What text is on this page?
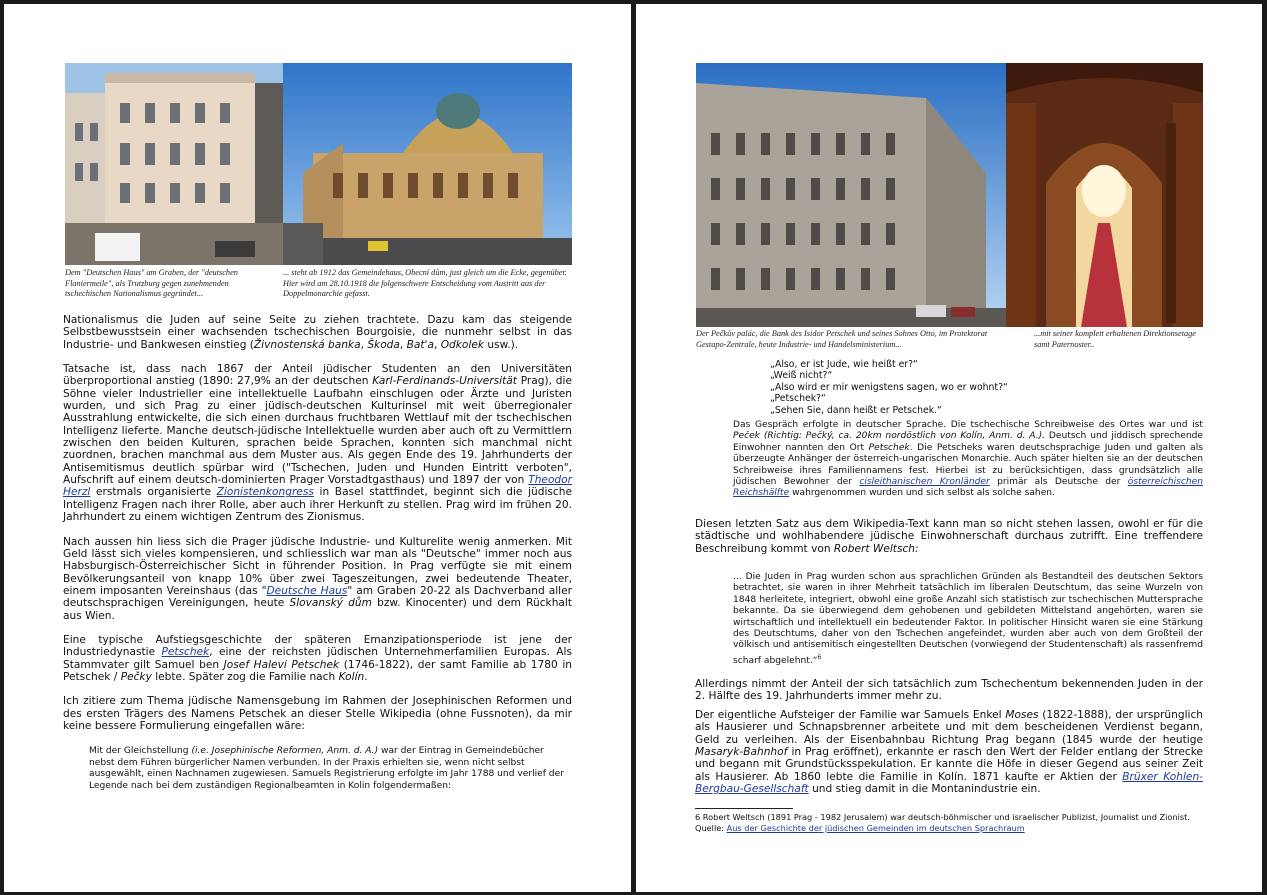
Dem "Deutschen Haus" am Graben, der "deutschen Flaniermeile", als Trutzburg gegen zunehmenden tschechischen Nationalismus gegründet...

... steht ab 1912 das Gemeindehaus, Obecní dům, just gleich um die Ecke, gegenüber. Hier wird am 28.10.1918 die folgenschwere Entscheidung vom Austritt aus der Doppelmonarchie gefasst.

Nationalismus die Juden auf seine Seite zu ziehen trachtete. Dazu kam das steigende Selbstbewusstsein einer wachsenden tschechischen Bourgoisie, die nunmehr selbst in das Industrie- und Bankwesen einstieg (Živnostenská banka, Škoda, Bat'a, Odkolek usw.).

Tatsache ist, dass nach 1867 der Anteil jüdischer Studenten an den Universitäten überproportional anstieg (1890: 27,9% an der deutschen Karl-Ferdinands-Universität Prag), die Söhne vieler Industrieller eine intellektuelle Laufbahn einschlugen oder Ärzte und Juristen wurden, und sich Prag zu einer jüdisch-deutschen Kulturinsel mit weit überregionaler Ausstrahlung entwickelte, die sich einen durchaus fruchtbaren Wettlauf mit der tschechischen Intelligenz lieferte. Manche deutsch-jüdische Intellektuelle wurden aber auch oft zu Vermittlern zwischen den beiden Kulturen, sprachen beide Sprachen, konnten sich manchmal nicht zuordnen, brachen manchmal aus dem Muster aus. Als gegen Ende des 19. Jahrhunderts der Antisemitismus deutlich spürbar wird ("Tschechen, Juden und Hunden Eintritt verboten", Aufschrift auf einem deutsch-dominierten Prager Vorstadtgasthaus) und 1897 der von Theodor Herzl erstmals organisierte Zionistenkongress in Basel stattfindet, beginnt sich die jüdische Intelligenz Fragen nach ihrer Rolle, aber auch ihrer Herkunft zu stellen. Prag wird im frühen 20. Jahrhundert zu einem wichtigen Zentrum des Zionismus.

Nach aussen hin liess sich die Prager jüdische Industrie- und Kulturelite wenig anmerken. Mit Geld lässt sich vieles kompensieren, und schliesslich war man als "Deutsche" immer noch aus Habsburgisch-Österreichischer Sicht in führender Position. In Prag verfügte sie mit einem Bevölkerungsanteil von knapp 10% über zwei Tageszeitungen, zwei bedeutende Theater, einem imposanten Vereinshaus (das "Deutsche Haus" am Graben 20-22 als Dachverband aller deutschsprachigen Vereinigungen, heute Slovanský dům bzw. Kinocenter) und dem Rückhalt aus Wien.

Eine typische Aufstiegsgeschichte der späteren Emanzipationsperiode ist jene der Industriedynastie Petschek, eine der reichsten jüdischen Unternehmerfamilien Europas. Als Stammvater gilt Samuel ben Josef Halevi Petschek (1746-1822), der samt Familie ab 1780 in Petschek / Pečky lebte. Später zog die Familie nach Kolín.

Ich zitiere zum Thema jüdische Namensgebung im Rahmen der Josephinischen Reformen und des ersten Trägers des Namens Petschek an dieser Stelle Wikipedia (ohne Fussnoten), da mir keine bessere Formulierung eingefallen wäre:

Mit der Gleichstellung (i.e. Josephinische Reformen, Anm. d. A.) war der Eintrag in Gemeindebücher nebst dem Führen bürgerlicher Namen verbunden. In der Praxis erhielten sie, wenn nicht selbst ausgewählt, einen Nachnamen zugewiesen. Samuels Registrierung erfolgte im Jahr 1788 und verlief der Legende nach bei dem zuständigen Regionalbeamten in Kolin folgendermaßen:

Der Pečkův palác, die Bank des Isidor Petschek und seines Sohnes Otto, im Protektorat Gestapo-Zentrale, heute Industrie- und Handelsministerium...

...mit seiner komplett erhaltenen Direktionsetage samt Paternoster..

„Also, er ist Jude, wie heißt er?“
„Weiß nicht?“
„Also wird er mir wenigstens sagen, wo er wohnt?“
„Petschek?“
„Sehen Sie, dann heißt er Petschek.“

Das Gespräch erfolgte in deutscher Sprache. Die tschechische Schreibweise des Ortes war und ist Peček (Richtig: Pečký, ca. 20km nordöstlich von Kolín, Anm. d. A.). Deutsch und jiddisch sprechende Einwohner nannten den Ort Petschek. Die Petscheks waren deutschsprachige Juden und galten als überzeugte Anhänger der österreich-ungarischen Monarchie. Auch später hielten sie an der deutschen Schreibweise ihres Familiennamens fest. Hierbei ist zu berücksichtigen, dass grundsätzlich alle jüdischen Bewohner der cisleithanischen Kronländer primär als Deutsche der österreichischen Reichshälfte wahrgenommen wurden und sich selbst als solche sahen.

Diesen letzten Satz aus dem Wikipedia-Text kann man so nicht stehen lassen, owohl er für die städtische und wohlhabendere jüdische Einwohnerschaft durchaus zutrifft. Eine treffendere Beschreibung kommt von Robert Weltsch:

... Die Juden in Prag wurden schon aus sprachlichen Gründen als Bestandteil des deutschen Sektors betrachtet, sie waren in ihrer Mehrheit tatsächlich im liberalen Deutschtum, das seine Wurzeln von 1848 herleitete, integriert, obwohl eine große Anzahl sich statistisch zur tschechischen Muttersprache bekannte. Da sie überwiegend dem gehobenen und gebildeten Mittelstand angehörten, waren sie wirtschaftlich und intellektuell ein bedeutender Faktor. In politischer Hinsicht waren sie eine Stärkung des Deutschtums, daher von den Tschechen angefeindet, wurden aber auch von dem Großteil der völkisch und antisemitisch eingestellten Deutschen (vorwiegend der Studentenschaft) als rassenfremd scharf abgelehnt.“$^6$

Allerdings nimmt der Anteil der sich tatsächlich zum Tschechentum bekennenden Juden in der 2. Hälfte des 19. Jahrhunderts immer mehr zu.

Der eigentliche Aufsteiger der Familie war Samuels Enkel Moses (1822-1888), der ursprünglich als Hausierer und Schnapsbrenner arbeitete und mit dem bescheidenen Verdienst begann, Geld zu verleihen. Als der Eisenbahnbau Richtung Prag begann (1845 wurde der heutige Masaryk-Bahnhof in Prag eröffnet), erkannte er rasch den Wert der Felder entlang der Strecke und begann mit Grundstücksspekulation. Er kannte die Höfe in dieser Gegend aus seiner Zeit als Hausierer. Ab 1860 lebte die Familie in Kolín. 1871 kaufte er Aktien der Brüxer Kohlen-Bergbau-Gesellschaft und stieg damit in die Montanindustrie ein.

6 Robert Weltsch (1891 Prag - 1982 Jerusalem) war deutsch-böhmischer und israelischer Publizist, Journalist und Zionist. Quelle: Aus der Geschichte der jüdischen Gemeinden im deutschen Sprachraum
